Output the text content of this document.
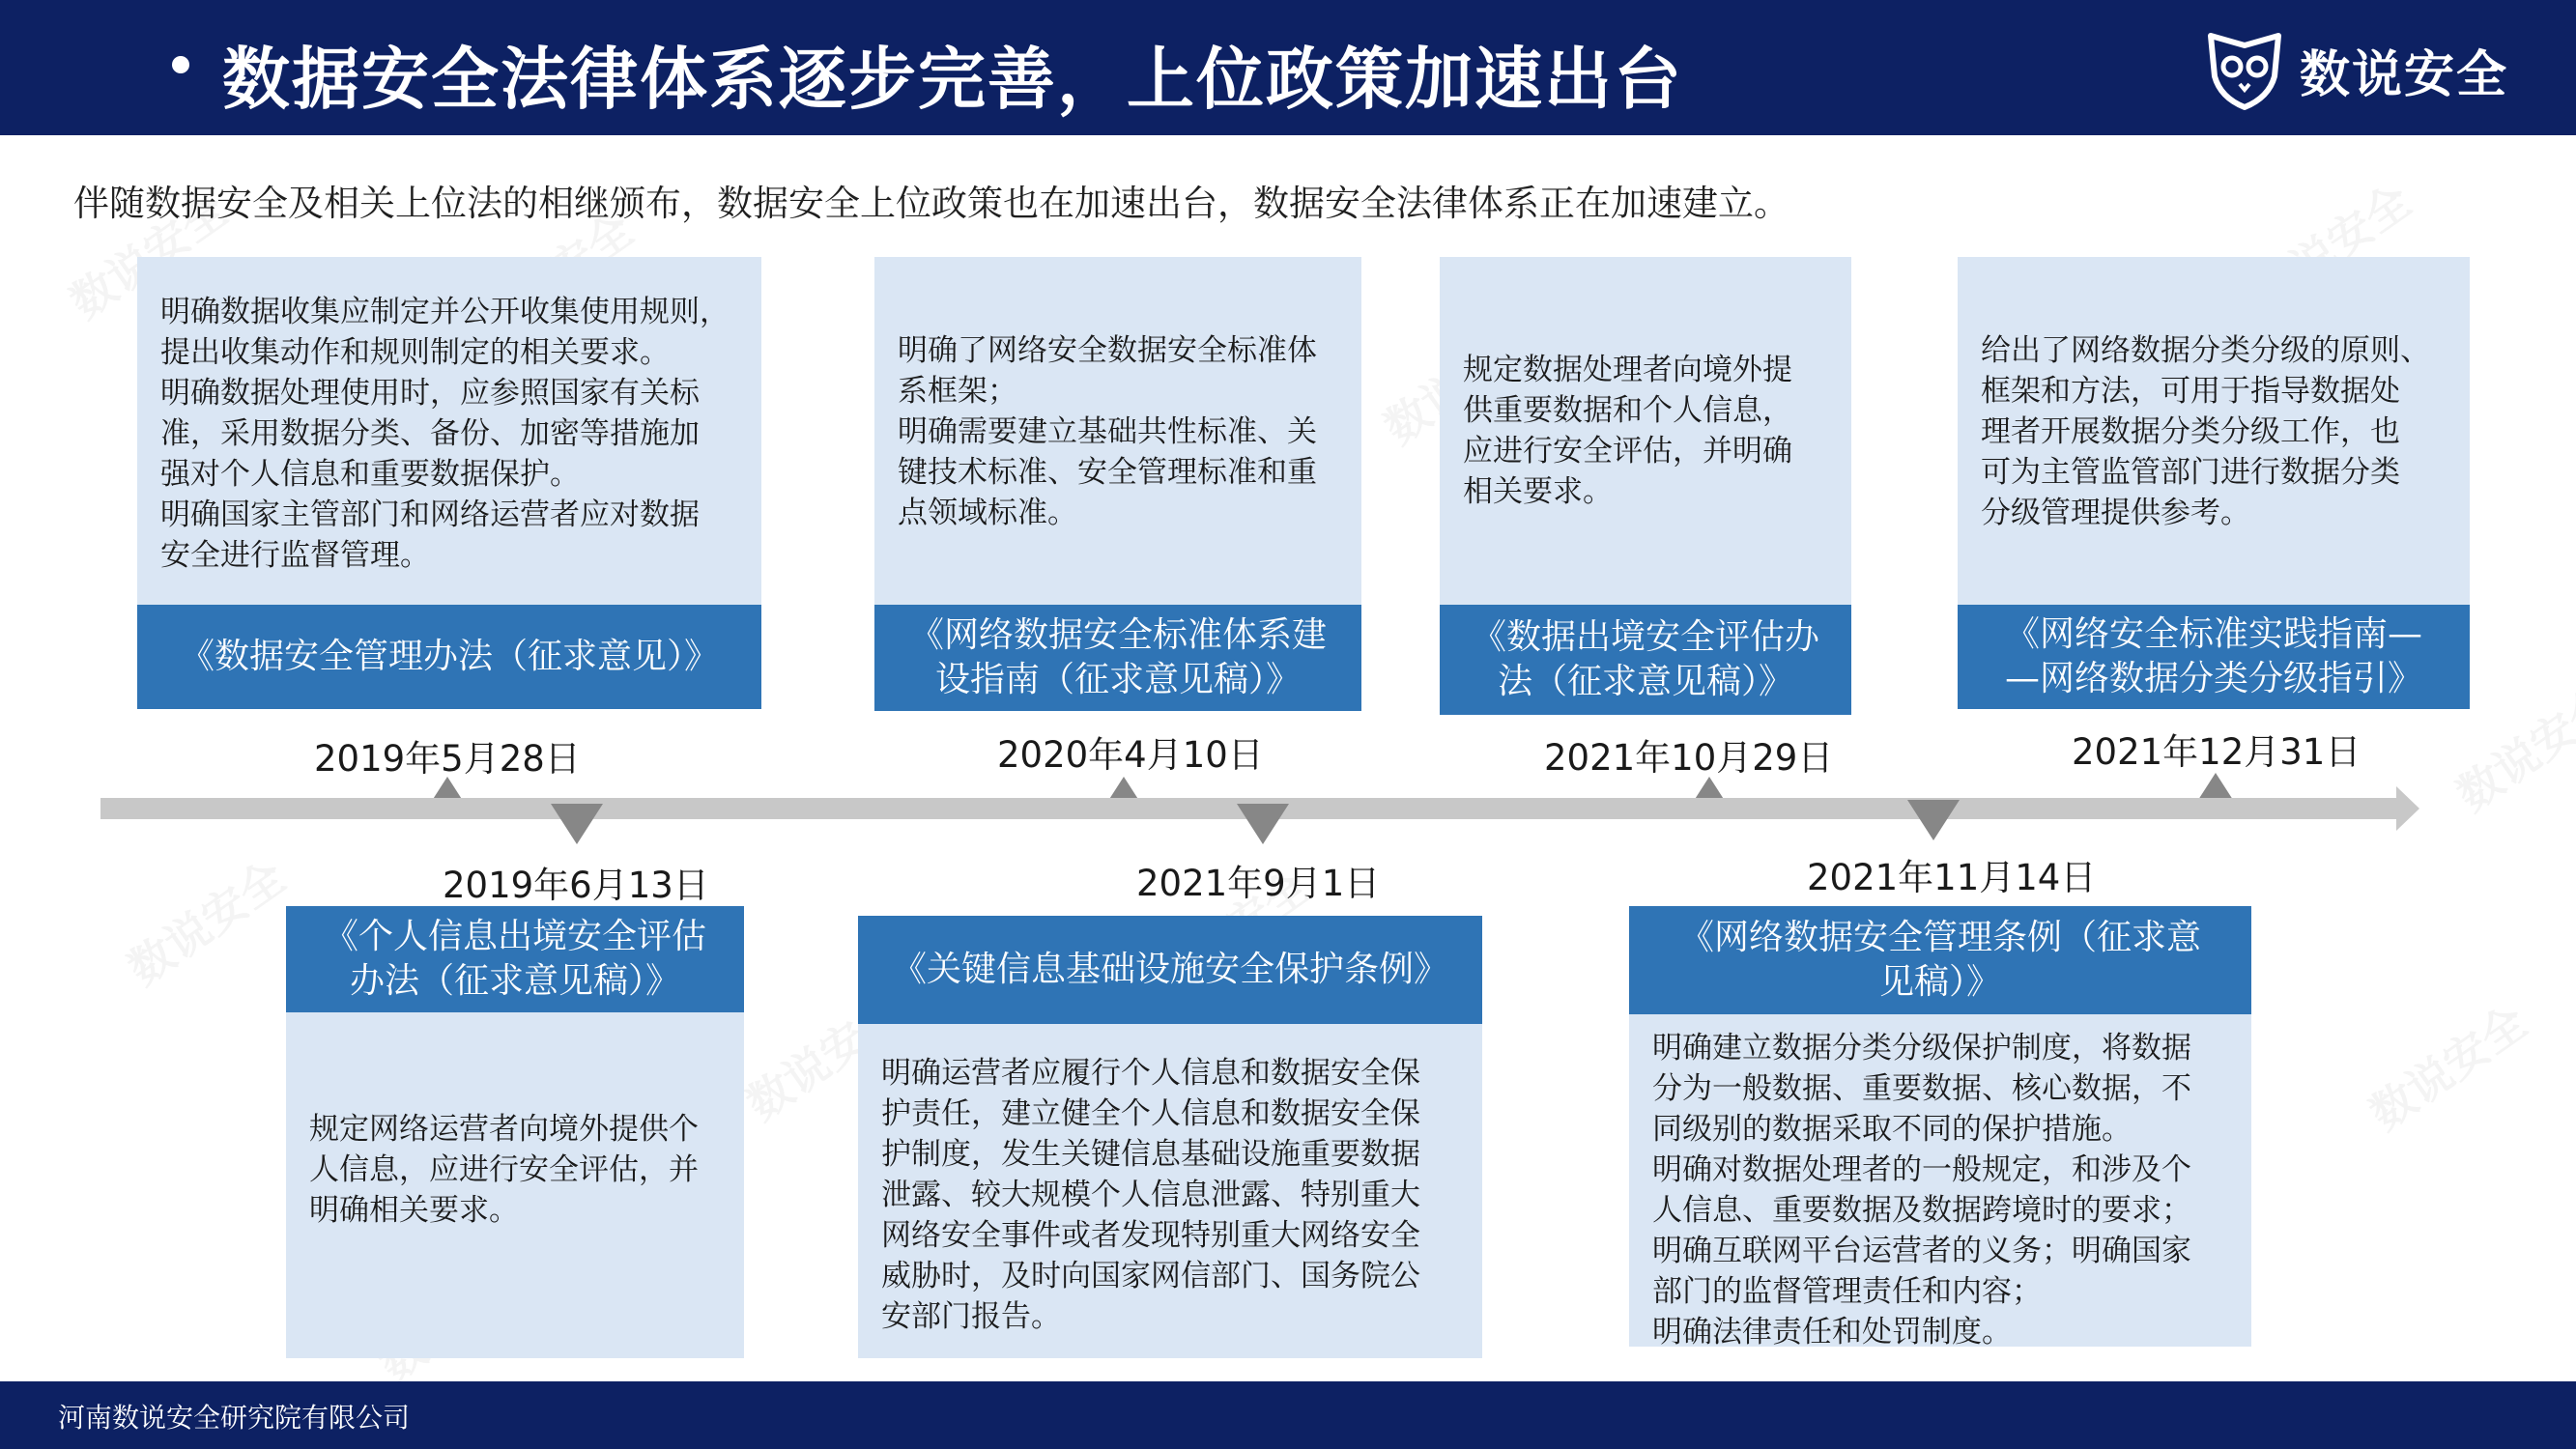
数据安全法律体系逐步完善，上位政策加速出台	数说安全
伴随数据安全及相关上位法的相继颁布，数据安全上位政策也在加速出台，数据安全法律体系正在加速建立。
明确数据收集应制定并公开收集使用规则，
提出收集动作和规则制定的相关要求。
明确数据处理使用时，应参照国家有关标
准，采用数据分类、备份、加密等措施加
强对个人信息和重要数据保护。
明确国家主管部门和网络运营者应对数据
安全进行监督管理。
《数据安全管理办法（征求意见）》
2019年5月28日
明确了网络安全数据安全标准体
系框架；
明确需要建立基础共性标准、关
键技术标准、安全管理标准和重
点领域标准。
《网络数据安全标准体系建
设指南（征求意见稿）》
2020年4月10日
规定数据处理者向境外提
供重要数据和个人信息，
应进行安全评估，并明确
相关要求。
《数据出境安全评估办
法（征求意见稿）》
2021年10月29日
给出了网络数据分类分级的原则、
框架和方法，可用于指导数据处
理者开展数据分类分级工作，也
可为主管监管部门进行数据分类
分级管理提供参考。
《网络安全标准实践指南—
—网络数据分类分级指引》
2021年12月31日
2019年6月13日
《个人信息出境安全评估
办法（征求意见稿）》
规定网络运营者向境外提供个
人信息，应进行安全评估，并
明确相关要求。
2021年9月1日
《关键信息基础设施安全保护条例》
明确运营者应履行个人信息和数据安全保
护责任，建立健全个人信息和数据安全保
护制度，发生关键信息基础设施重要数据
泄露、较大规模个人信息泄露、特别重大
网络安全事件或者发现特别重大网络安全
威胁时，及时向国家网信部门、国务院公
安部门报告。
2021年11月14日
《网络数据安全管理条例（征求意
见稿）》
明确建立数据分类分级保护制度，将数据
分为一般数据、重要数据、核心数据，不
同级别的数据采取不同的保护措施。
明确对数据处理者的一般规定，和涉及个
人信息、重要数据及数据跨境时的要求；
明确互联网平台运营者的义务；明确国家
部门的监督管理责任和内容；
明确法律责任和处罚制度。
河南数说安全研究院有限公司
